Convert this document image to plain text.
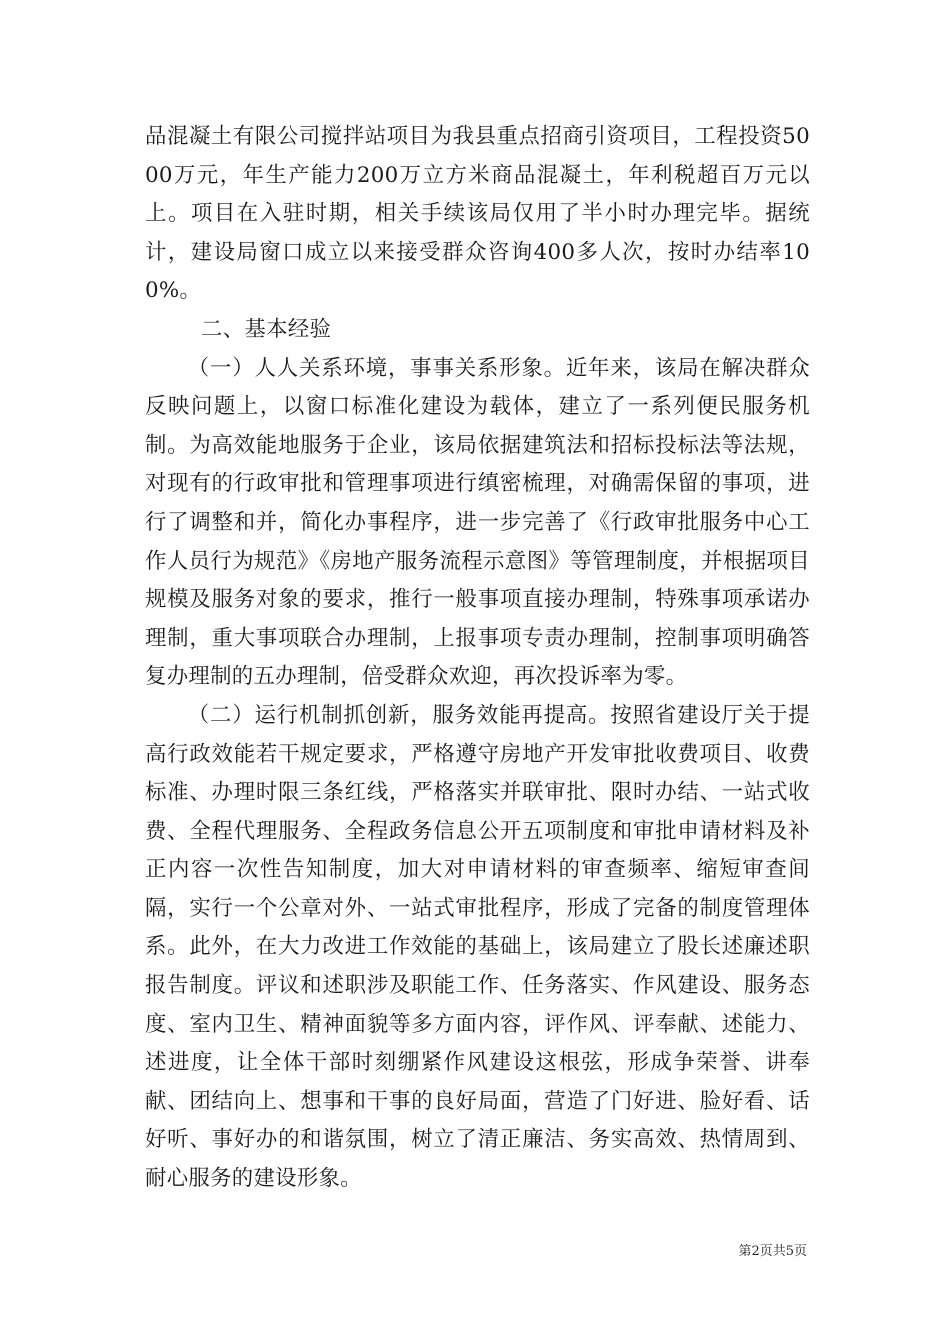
品混凝土有限公司搅拌站项目为我县重点招商引资项目，工程投资5000万元，年生产能力200万立方米商品混凝土，年利税超百万元以上。项目在入驻时期，相关手续该局仅用了半小时办理完毕。据统计，建设局窗口成立以来接受群众咨询400多人次，按时办结率100%。

二、基本经验

（一）人人关系环境，事事关系形象。近年来，该局在解决群众反映问题上，以窗口标准化建设为载体，建立了一系列便民服务机制。为高效能地服务于企业，该局依据建筑法和招标投标法等法规，对现有的行政审批和管理事项进行缜密梳理，对确需保留的事项，进行了调整和并，简化办事程序，进一步完善了《行政审批服务中心工作人员行为规范》《房地产服务流程示意图》等管理制度，并根据项目规模及服务对象的要求，推行一般事项直接办理制，特殊事项承诺办理制，重大事项联合办理制，上报事项专责办理制，控制事项明确答复办理制的五办理制，倍受群众欢迎，再次投诉率为零。

（二）运行机制抓创新，服务效能再提高。按照省建设厅关于提高行政效能若干规定要求，严格遵守房地产开发审批收费项目、收费标准、办理时限三条红线，严格落实并联审批、限时办结、一站式收费、全程代理服务、全程政务信息公开五项制度和审批申请材料及补正内容一次性告知制度，加大对申请材料的审查频率、缩短审查间隔，实行一个公章对外、一站式审批程序，形成了完备的制度管理体系。此外，在大力改进工作效能的基础上，该局建立了股长述廉述职报告制度。评议和述职涉及职能工作、任务落实、作风建设、服务态度、室内卫生、精神面貌等多方面内容，评作风、评奉献、述能力、述进度，让全体干部时刻绷紧作风建设这根弦，形成争荣誉、讲奉献、团结向上、想事和干事的良好局面，营造了门好进、脸好看、话好听、事好办的和谐氛围，树立了清正廉洁、务实高效、热情周到、耐心服务的建设形象。

第2页共5页
